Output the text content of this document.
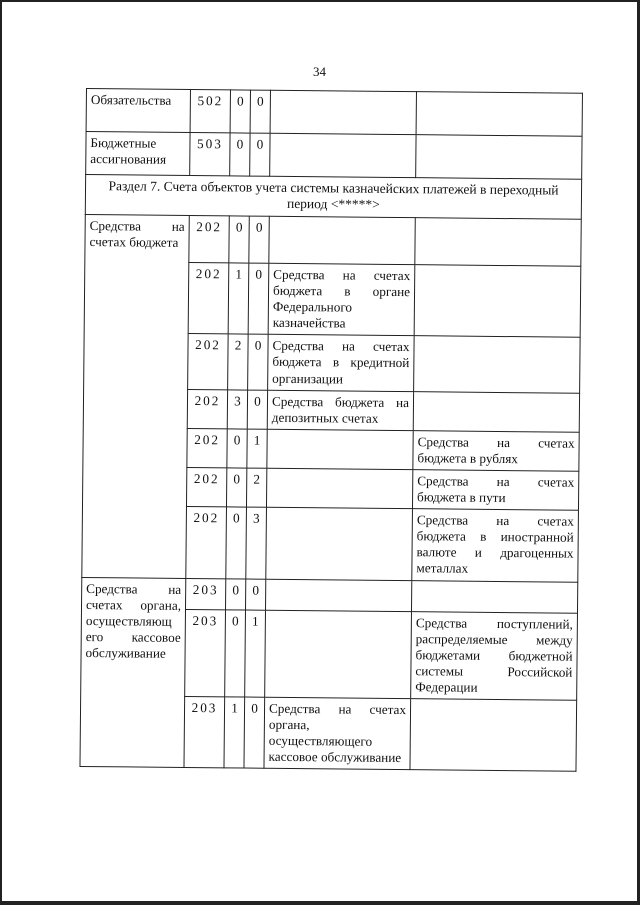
34
Обязательства	502	0	0		
Бюджетные ассигнования	503	0	0		
Раздел 7. Счета объектов учета системы казначейских платежей в переходный период <*****>					
Средства на счетах бюджета	202	0	0		
	202	1	0	Средства на счетах бюджета в органе Федерального казначейства	
	202	2	0	Средства на счетах бюджета в кредитной организации	
	202	3	0	Средства бюджета на депозитных счетах	
	202	0	1		Средства на счетах бюджета в рублях
	202	0	2		Средства на счетах бюджета в пути
	202	0	3		Средства на счетах бюджета в иностранной валюте и драгоценных металлах
Средства на счетах органа, осуществляющ его кассовое обслуживание	203	0	0		
	203	0	1		Средства поступлений, распределяемые между бюджетами бюджетной системы Российской Федерации
	203	1	0	Средства на счетах органа, осуществляющего кассовое обслуживание	
